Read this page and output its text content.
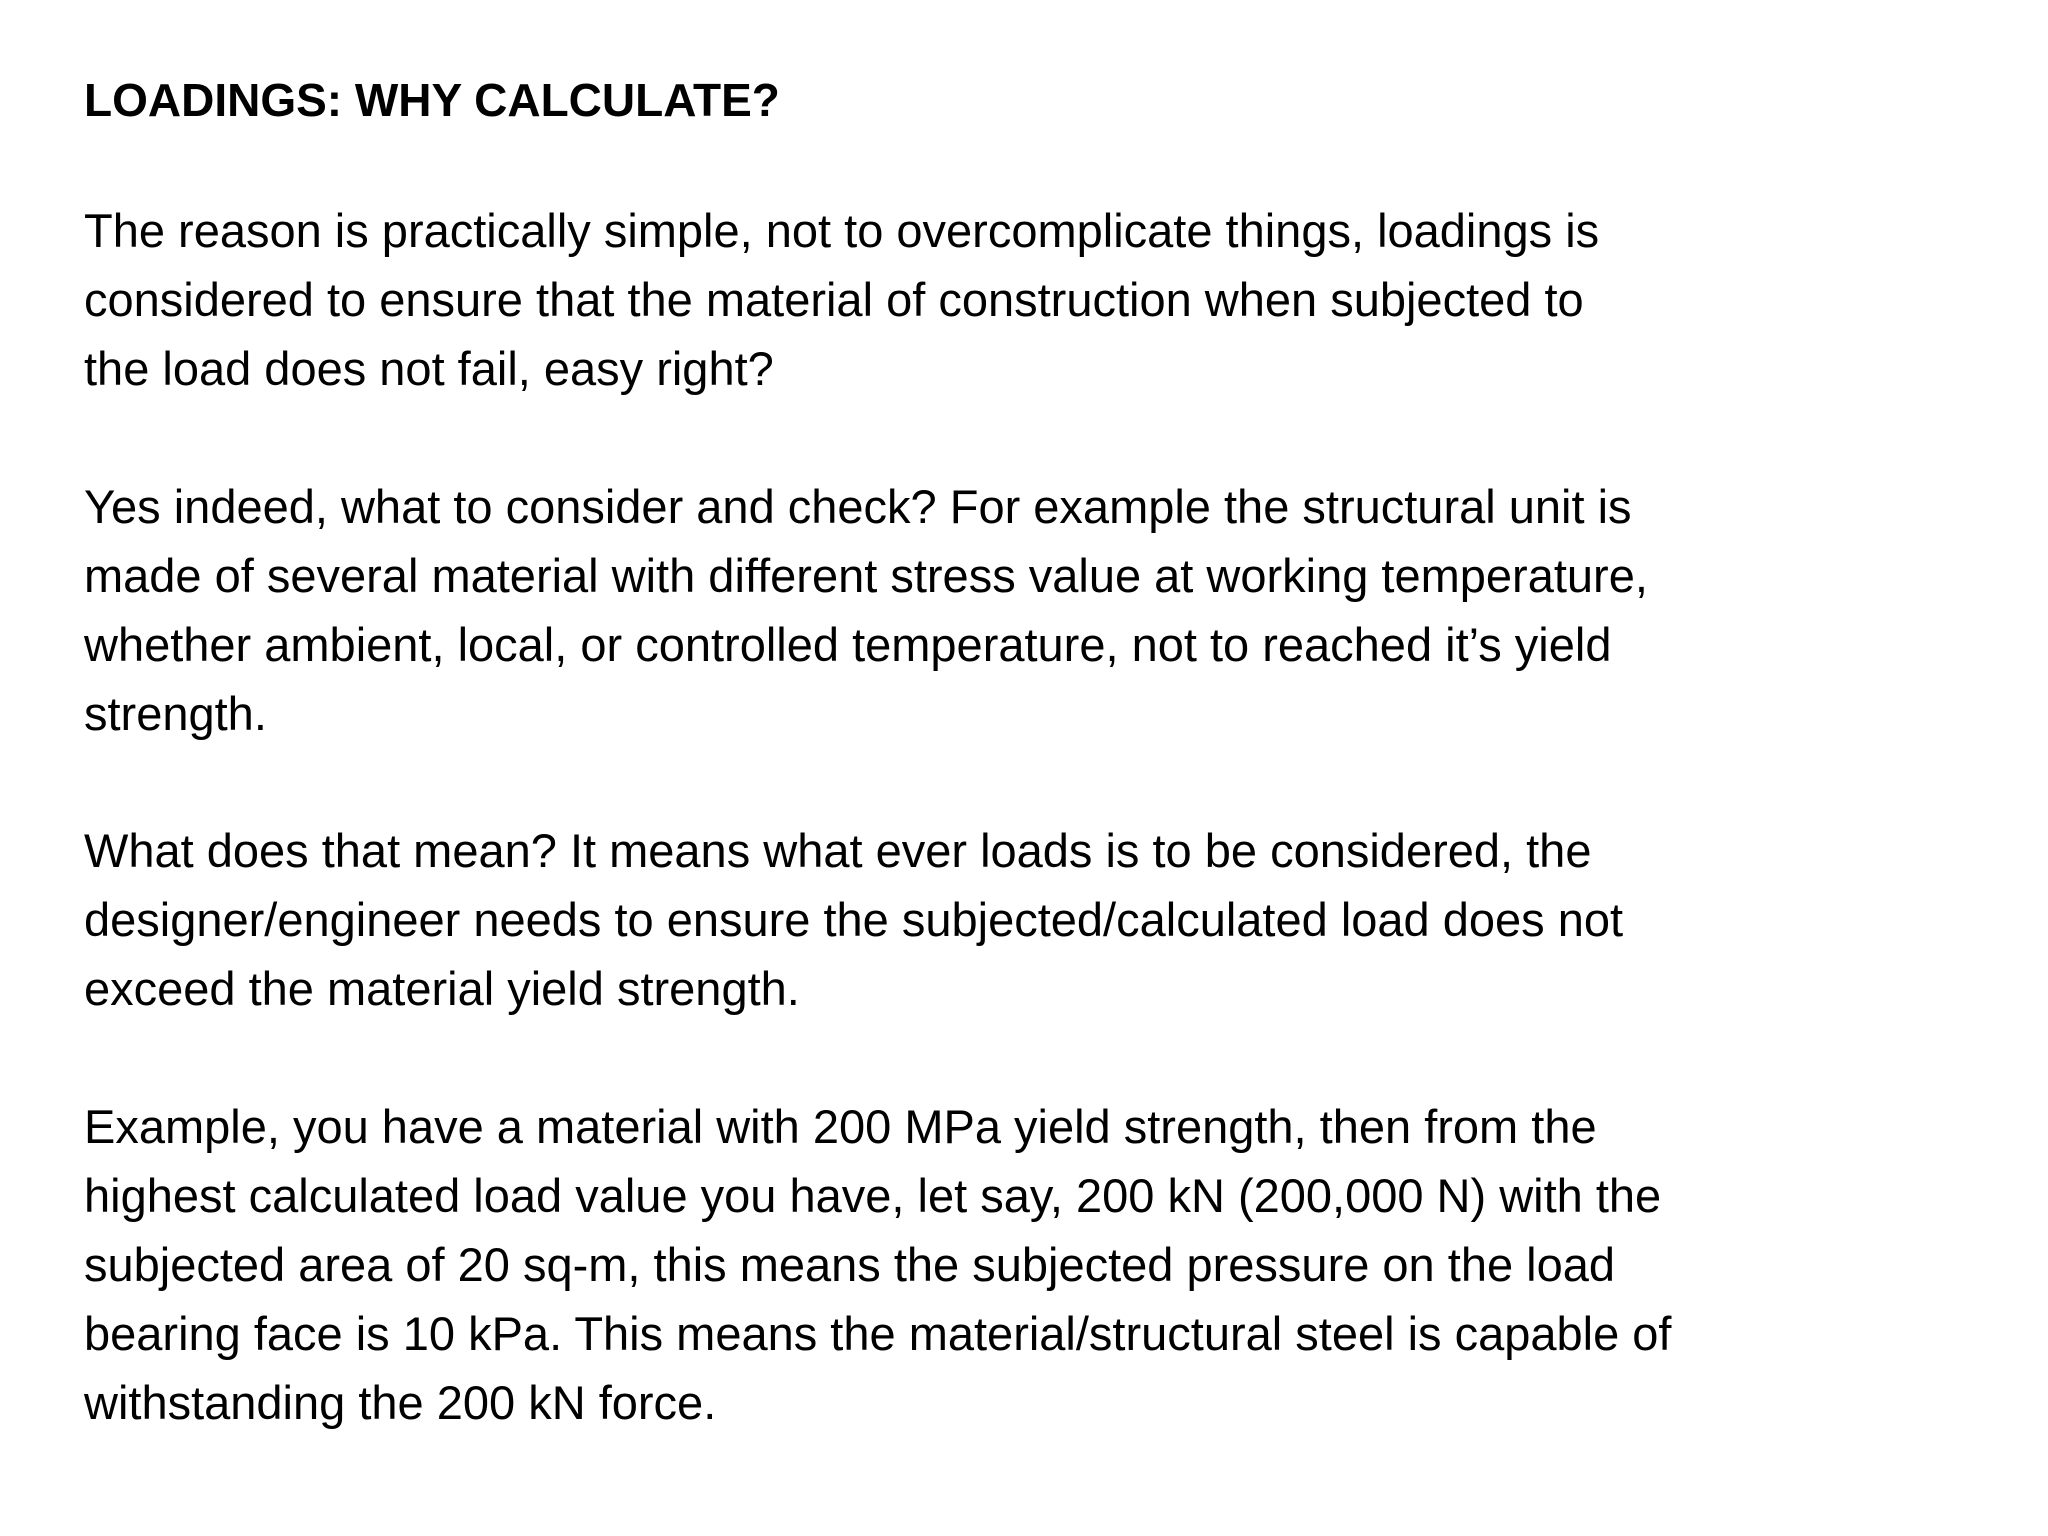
LOADINGS: WHY CALCULATE?

The reason is practically simple, not to overcomplicate things, loadings is
considered to ensure that the material of construction when subjected to
the load does not fail, easy right?

Yes indeed, what to consider and check? For example the structural unit is
made of several material with different stress value at working temperature,
whether ambient, local, or controlled temperature, not to reached it’s yield
strength.

What does that mean? It means what ever loads is to be considered, the
designer/engineer needs to ensure the subjected/calculated load does not
exceed the material yield strength.

Example, you have a material with 200 MPa yield strength, then from the
highest calculated load value you have, let say, 200 kN (200,000 N) with the
subjected area of 20 sq-m, this means the subjected pressure on the load
bearing face is 10 kPa. This means the material/structural steel is capable of
withstanding the 200 kN force.
